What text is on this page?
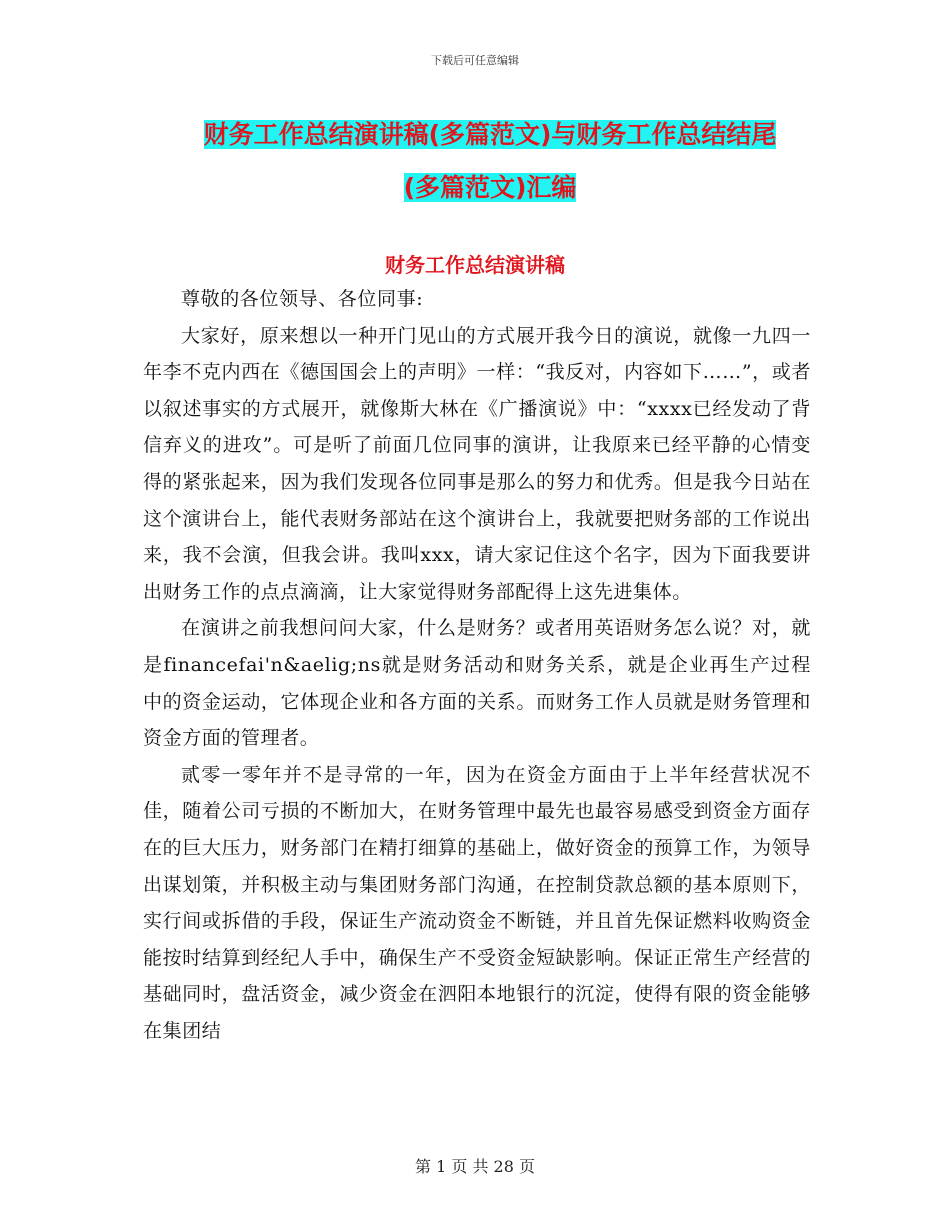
下载后可任意编辑
财务工作总结演讲稿(多篇范文)与财务工作总结结尾
(多篇范文)汇编
财务工作总结演讲稿

尊敬的各位领导、各位同事:

大家好，原来想以一种开门见山的方式展开我今日的演说，就像一九四一年李不克内西在《德国国会上的声明》一样：“我反对，内容如下……”，或者以叙述事实的方式展开，就像斯大林在《广播演说》中：“xxxx已经发动了背信弃义的进攻”。可是听了前面几位同事的演讲，让我原来已经平静的心情变得的紧张起来，因为我们发现各位同事是那么的努力和优秀。但是我今日站在这个演讲台上，能代表财务部站在这个演讲台上，我就要把财务部的工作说出来，我不会演，但我会讲。我叫xxx，请大家记住这个名字，因为下面我要讲出财务工作的点点滴滴，让大家觉得财务部配得上这先进集体。

在演讲之前我想问问大家，什么是财务？或者用英语财务怎么说？对，就是financefai'n&aelig;ns就是财务活动和财务关系，就是企业再生产过程中的资金运动，它体现企业和各方面的关系。而财务工作人员就是财务管理和资金方面的管理者。

贰零一零年并不是寻常的一年，因为在资金方面由于上半年经营状况不佳，随着公司亏损的不断加大，在财务管理中最先也最容易感受到资金方面存在的巨大压力，财务部门在精打细算的基础上，做好资金的预算工作，为领导出谋划策，并积极主动与集团财务部门沟通，在控制贷款总额的基本原则下，实行间或拆借的手段，保证生产流动资金不断链，并且首先保证燃料收购资金能按时结算到经纪人手中，确保生产不受资金短缺影响。保证正常生产经营的基础同时，盘活资金，减少资金在泗阳本地银行的沉淀，使得有限的资金能够在集团结

第 1 页 共 28 页
